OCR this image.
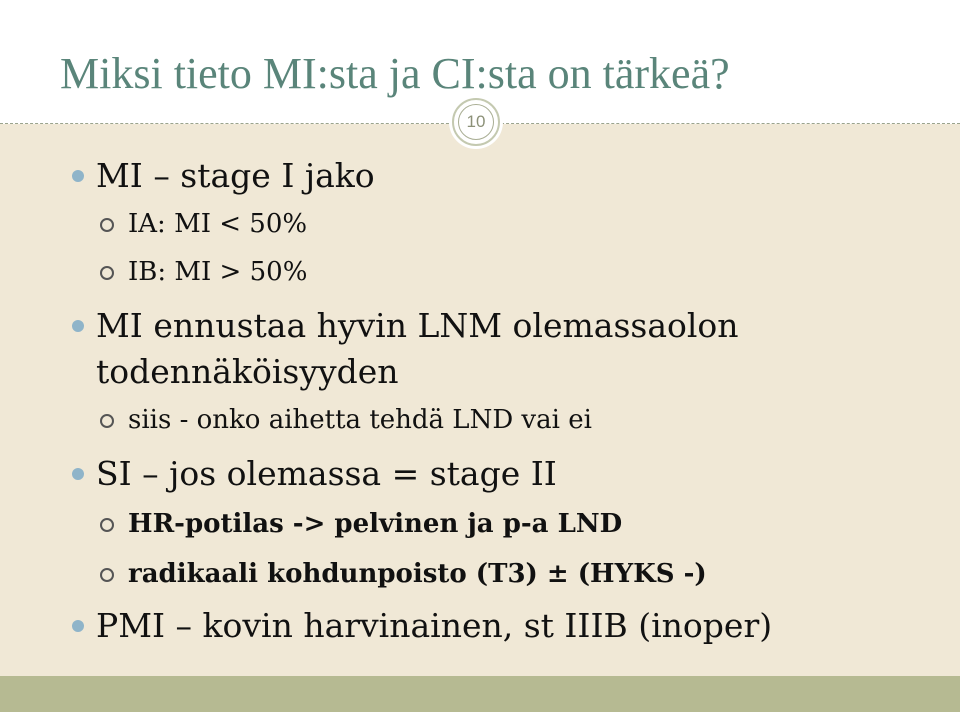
Miksi tieto MI:sta ja CI:sta on tärkeä?
10
MI – stage I jako
IA: MI < 50%
IB: MI > 50%
MI ennustaa hyvin LNM olemassaolon
todennäköisyyden
siis - onko aihetta tehdä LND vai ei
SI – jos olemassa = stage II
HR-potilas -> pelvinen ja p-a LND
radikaali kohdunpoisto (T3) ± (HYKS -)
PMI – kovin harvinainen, st IIIB (inoper)
